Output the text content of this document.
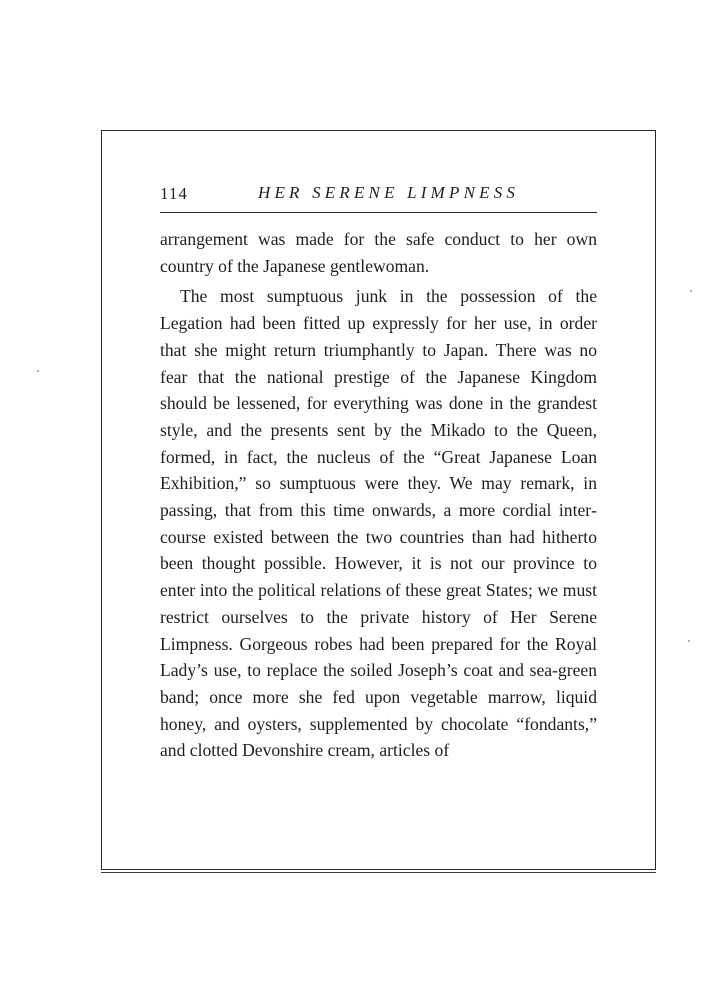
114	HER SERENE LIMPNESS

arrangement was made for the safe conduct to her own country of the Japanese gentlewoman.

The most sumptuous junk in the possession of the Legation had been fitted up expressly for her use, in order that she might return triumphantly to Japan. There was no fear that the national prestige of the Japanese Kingdom should be lessened, for everything was done in the grandest style, and the presents sent by the Mikado to the Queen, formed, in fact, the nucleus of the “Great Japanese Loan Exhibition,” so sumptuous were they. We may remark, in passing, that from this time onwards, a more cordial intercourse existed between the two countries than had hitherto been thought possible. However, it is not our province to enter into the political relations of these great States; we must restrict ourselves to the private history of Her Serene Limpness. Gorgeous robes had been prepared for the Royal Lady’s use, to replace the soiled Joseph’s coat and sea-green band; once more she fed upon vegetable marrow, liquid honey, and oysters, supplemented by chocolate “fondants,” and clotted Devonshire cream, articles of
